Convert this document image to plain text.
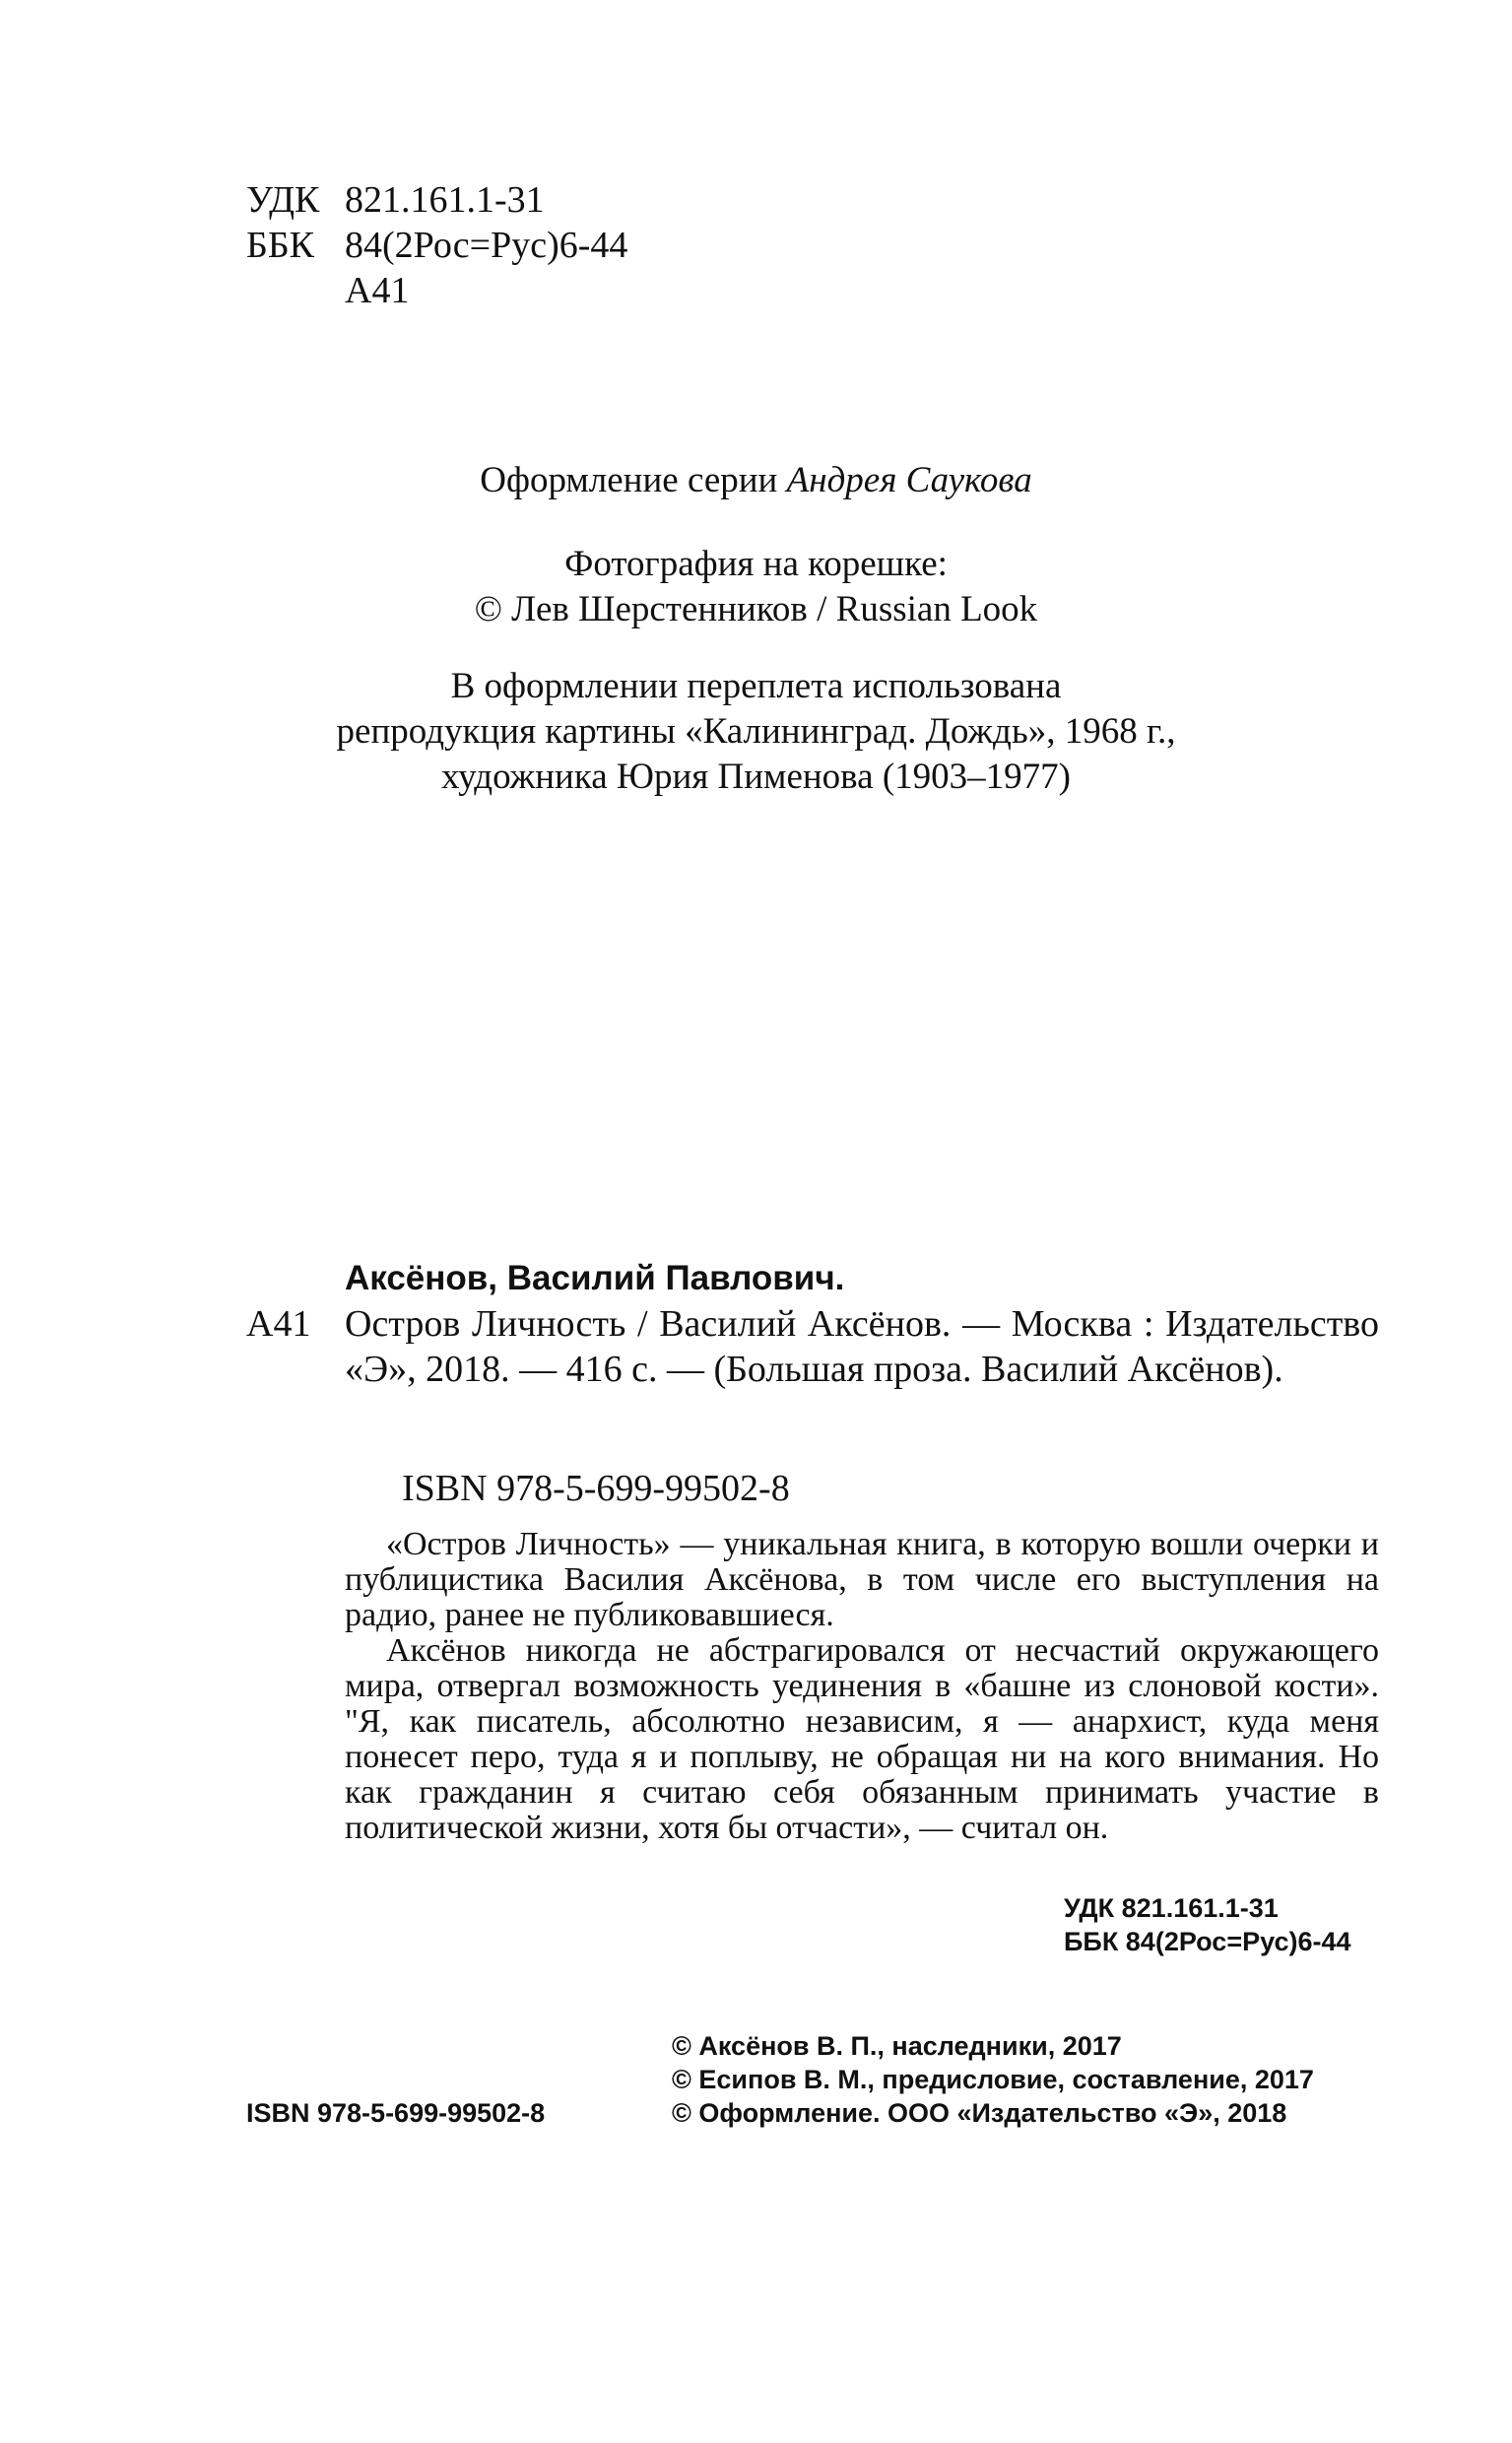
УДК 821.161.1-31
ББК 84(2Рос=Рус)6-44
А41

Оформление серии Андрея Саукова

Фотография на корешке:

© Лев Шерстенников / Russian Look

В оформлении переплета использована

репродукция картины «Калининград. Дождь», 1968 г.,

художника Юрия Пименова (1903–1977)

Аксёнов, Василий Павлович.
А41 Остров Личность / Василий Аксёнов. — Москва : Издательство «Э», 2018. — 416 с. — (Большая проза. Василий Аксёнов).
ISBN 978-5-699-99502-8

«Остров Личность» — уникальная книга, в которую вошли очерки и публицистика Василия Аксёнова, в том числе его выступления на радио, ранее не публиковавшиеся.

Аксёнов никогда не абстрагировался от несчастий окружающего мира, отвергал возможность уединения в «башне из слоновой кости». "Я, как писатель, абсолютно независим, я — анархист, куда меня понесет перо, туда я и поплыву, не обращая ни на кого внимания. Но как гражданин я считаю себя обязанным принимать участие в политической жизни, хотя бы отчасти», — считал он.

УДК 821.161.1-31
ББК 84(2Рос=Рус)6-44
© Аксёнов В. П., наследники, 2017
© Есипов В. М., предисловие, составление, 2017
© Оформление. ООО «Издательство «Э», 2018
ISBN 978-5-699-99502-8
